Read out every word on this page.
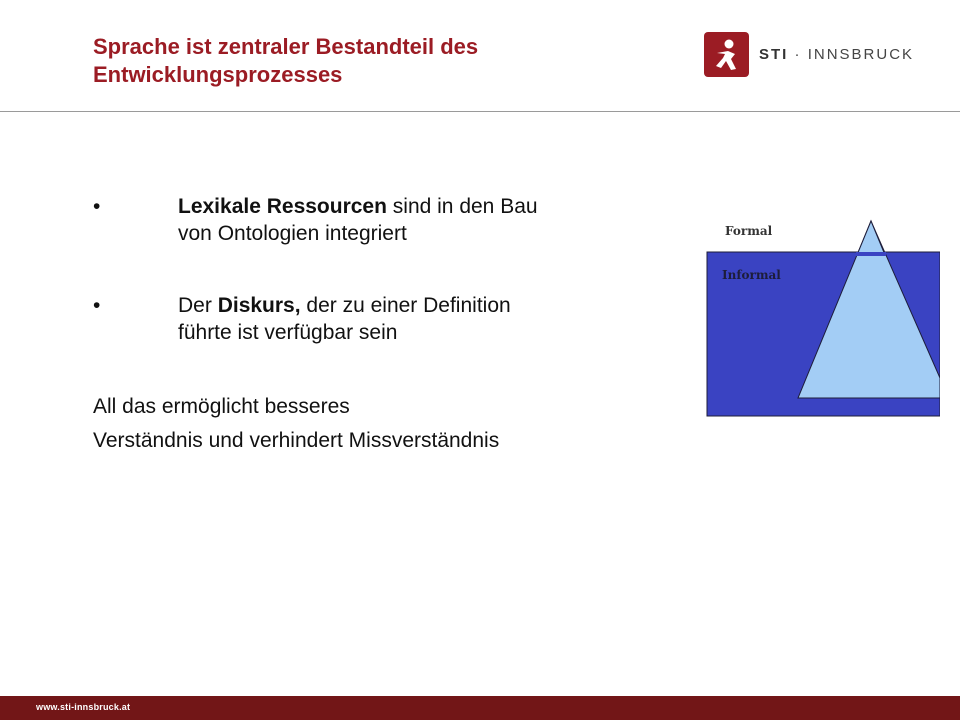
Sprache ist zentraler Bestandteil des
Entwicklungsprozesses
STI · INNSBRUCK
•	Lexikale Ressourcen sind in den Bau
von Ontologien integriert
•	Der Diskurs, der zu einer Definition
führte ist verfügbar sein
All das ermöglicht besseres
Verständnis und verhindert Missverständnis
Formal
Informal
www.sti-innsbruck.at
